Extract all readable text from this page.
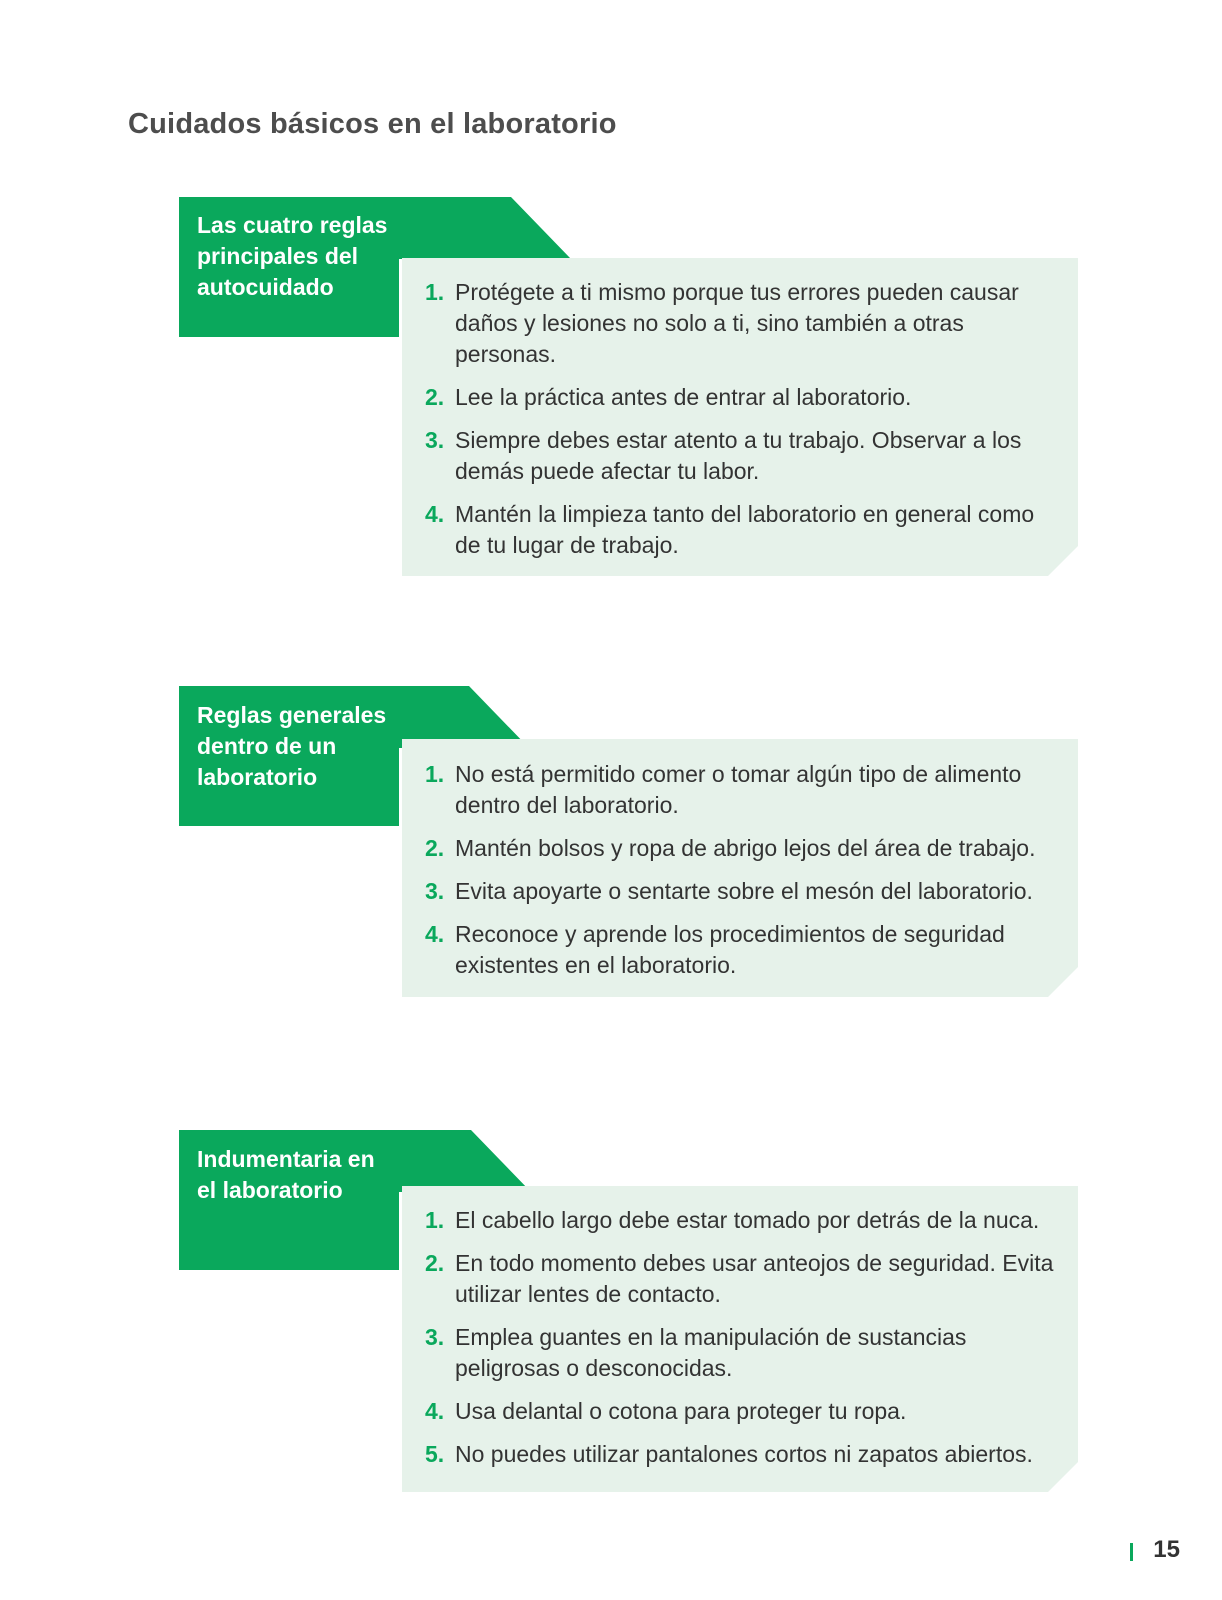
Cuidados básicos en el laboratorio
Las cuatro reglas principales del autocuidado	1. Protégete a ti mismo porque tus errores pueden causar daños y lesiones no solo a ti, sino también a otras personas.
2. Lee la práctica antes de entrar al laboratorio.
3. Siempre debes estar atento a tu trabajo. Observar a los demás puede afectar tu labor.
4. Mantén la limpieza tanto del laboratorio en general como de tu lugar de trabajo.
Reglas generales dentro de un laboratorio	1. No está permitido comer o tomar algún tipo de alimento dentro del laboratorio.
2. Mantén bolsos y ropa de abrigo lejos del área de trabajo.
3. Evita apoyarte o sentarte sobre el mesón del laboratorio.
4. Reconoce y aprende los procedimientos de seguridad existentes en el laboratorio.
Indumentaria en el laboratorio
1. El cabello largo debe estar tomado por detrás de la nuca.
2. En todo momento debes usar anteojos de seguridad. Evita utilizar lentes de contacto.
3. Emplea guantes en la manipulación de sustancias peligrosas o desconocidas.
4. Usa delantal o cotona para proteger tu ropa.
5. No puedes utilizar pantalones cortos ni zapatos abiertos.
15
